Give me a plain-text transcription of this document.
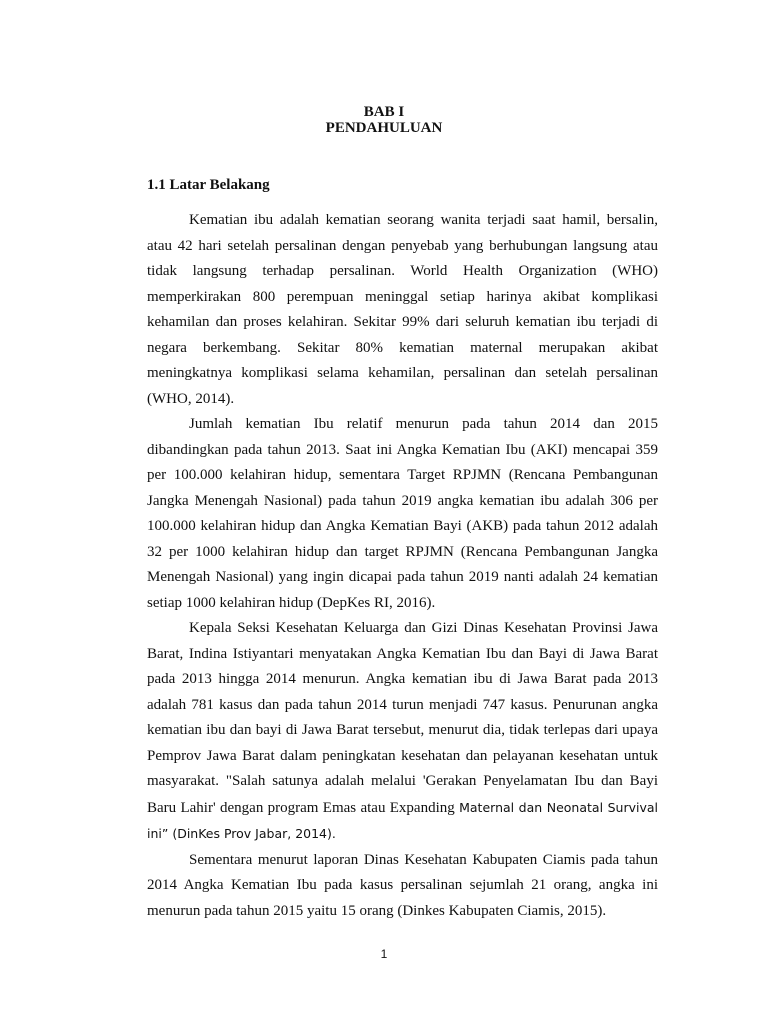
BAB I
PENDAHULUAN
1.1 Latar Belakang

Kematian ibu adalah kematian seorang wanita terjadi saat hamil, bersalin, atau 42 hari setelah persalinan dengan penyebab yang berhubungan langsung atau tidak langsung terhadap persalinan. World Health Organization (WHO) memperkirakan 800 perempuan meninggal setiap harinya akibat komplikasi kehamilan dan proses kelahiran. Sekitar 99% dari seluruh kematian ibu terjadi di negara berkembang. Sekitar 80% kematian maternal merupakan akibat meningkatnya komplikasi selama kehamilan, persalinan dan setelah persalinan (WHO, 2014).

Jumlah kematian Ibu relatif menurun pada tahun 2014 dan 2015 dibandingkan pada tahun 2013. Saat ini Angka Kematian Ibu (AKI) mencapai 359 per 100.000 kelahiran hidup, sementara Target RPJMN (Rencana Pembangunan Jangka Menengah Nasional) pada tahun 2019 angka kematian ibu adalah 306 per 100.000 kelahiran hidup dan Angka Kematian Bayi (AKB) pada tahun 2012 adalah 32 per 1000 kelahiran hidup dan target RPJMN (Rencana Pembangunan Jangka Menengah Nasional) yang ingin dicapai pada tahun 2019 nanti adalah 24 kematian setiap 1000 kelahiran hidup (DepKes RI, 2016).

Kepala Seksi Kesehatan Keluarga dan Gizi Dinas Kesehatan Provinsi Jawa Barat, Indina Istiyantari menyatakan Angka Kematian Ibu dan Bayi di Jawa Barat pada 2013 hingga 2014 menurun. Angka kematian ibu di Jawa Barat pada 2013 adalah 781 kasus dan pada tahun 2014 turun menjadi 747 kasus. Penurunan angka kematian ibu dan bayi di Jawa Barat tersebut, menurut dia, tidak terlepas dari upaya Pemprov Jawa Barat dalam peningkatan kesehatan dan pelayanan kesehatan untuk masyarakat. "Salah satunya adalah melalui 'Gerakan Penyelamatan Ibu dan Bayi Baru Lahir' dengan program Emas atau Expanding Maternal dan Neonatal Survival ini” (DinKes Prov Jabar, 2014).

Sementara menurut laporan Dinas Kesehatan Kabupaten Ciamis pada tahun 2014 Angka Kematian Ibu pada kasus persalinan sejumlah 21 orang, angka ini menurun pada tahun 2015 yaitu 15 orang (Dinkes Kabupaten Ciamis, 2015).

1
